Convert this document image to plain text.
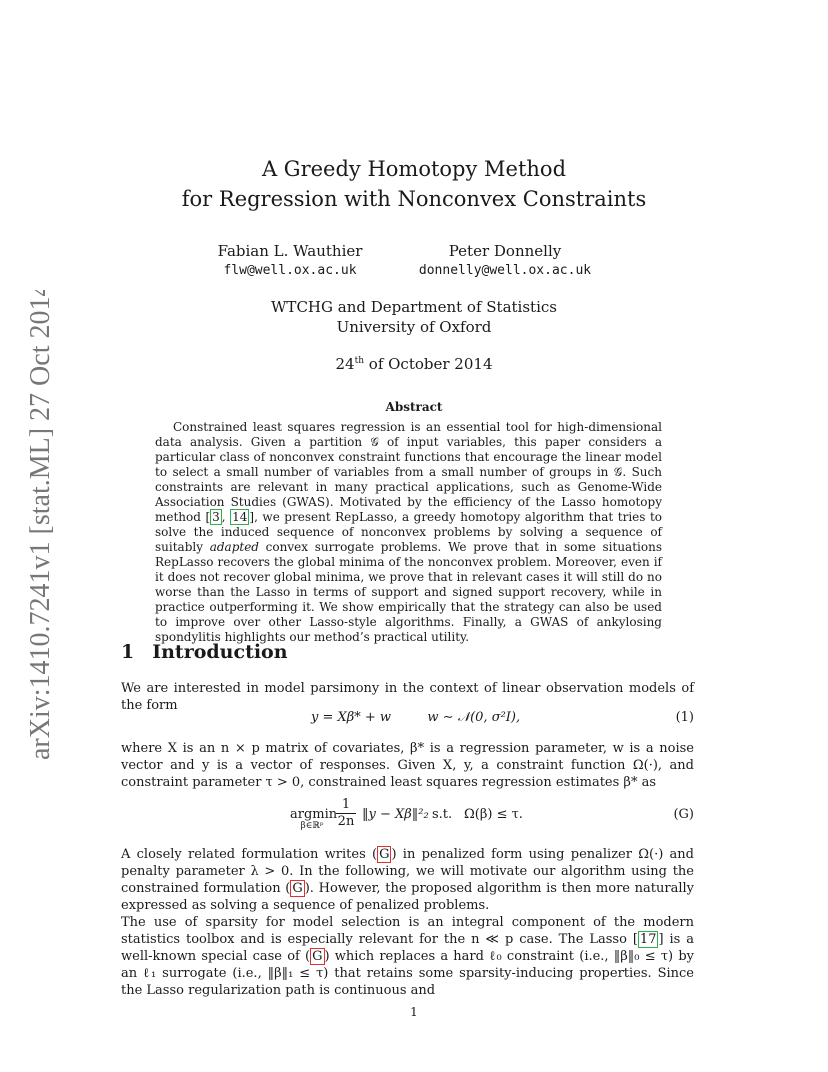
arXiv:1410.7241v1 [stat.ML] 27 Oct 2014
A Greedy Homotopy Method
for Regression with Nonconvex Constraints
Fabian L. Wauthier
flw@well.ox.ac.uk
Peter Donnelly
donnelly@well.ox.ac.uk
WTCHG and Department of Statistics
University of Oxford
24th of October 2014
Abstract
Constrained least squares regression is an essential tool for high-dimensional data analysis. Given a partition 𝒢 of input variables, this paper considers a particular class of nonconvex constraint functions that encourage the linear model to select a small number of variables from a small number of groups in 𝒢. Such constraints are relevant in many practical applications, such as Genome-Wide Association Studies (GWAS). Motivated by the efficiency of the Lasso homotopy method [ 3 , 14 ], we present RepLasso, a greedy homotopy algorithm that tries to solve the induced sequence of nonconvex problems by solving a sequence of suitably adapted convex surrogate problems. We prove that in some situations RepLasso recovers the global minima of the nonconvex problem. Moreover, even if it does not recover global minima, we prove that in relevant cases it will still do no worse than the Lasso in terms of support and signed support recovery, while in practice outperforming it. We show empirically that the strategy can also be used to improve over other Lasso-style algorithms. Finally, a GWAS of ankylosing spondylitis highlights our method’s practical utility.
1 Introduction
We are interested in model parsimony in the context of linear observation models of the form
y = Xβ* + w	w ∼ 𝒩(0, σ²I),	(1)
where X is an n × p matrix of covariates, β* is a regression parameter, w is a noise vector and y is a vector of responses. Given X, y, a constraint function Ω(·), and constraint parameter τ > 0, constrained least squares regression estimates β* as
argmin
β∈ℝᵖ $\frac{1}{2n}$ ‖y − Xβ‖²₂ s.t. Ω(β) ≤ τ.	(G)
A closely related formulation writes ( G ) in penalized form using penalizer Ω(·) and penalty parameter λ > 0. In the following, we will motivate our algorithm using the constrained formulation ( G ). However, the proposed algorithm is then more naturally expressed as solving a sequence of penalized problems.
The use of sparsity for model selection is an integral component of the modern statistics toolbox and is especially relevant for the n ≪ p case. The Lasso [ 17 ] is a well-known special case of ( G ) which replaces a hard ℓ₀ constraint (i.e., ‖β‖₀ ≤ τ) by an ℓ₁ surrogate (i.e., ‖β‖₁ ≤ τ) that retains some sparsity-inducing properties. Since the Lasso regularization path is continuous and
1
